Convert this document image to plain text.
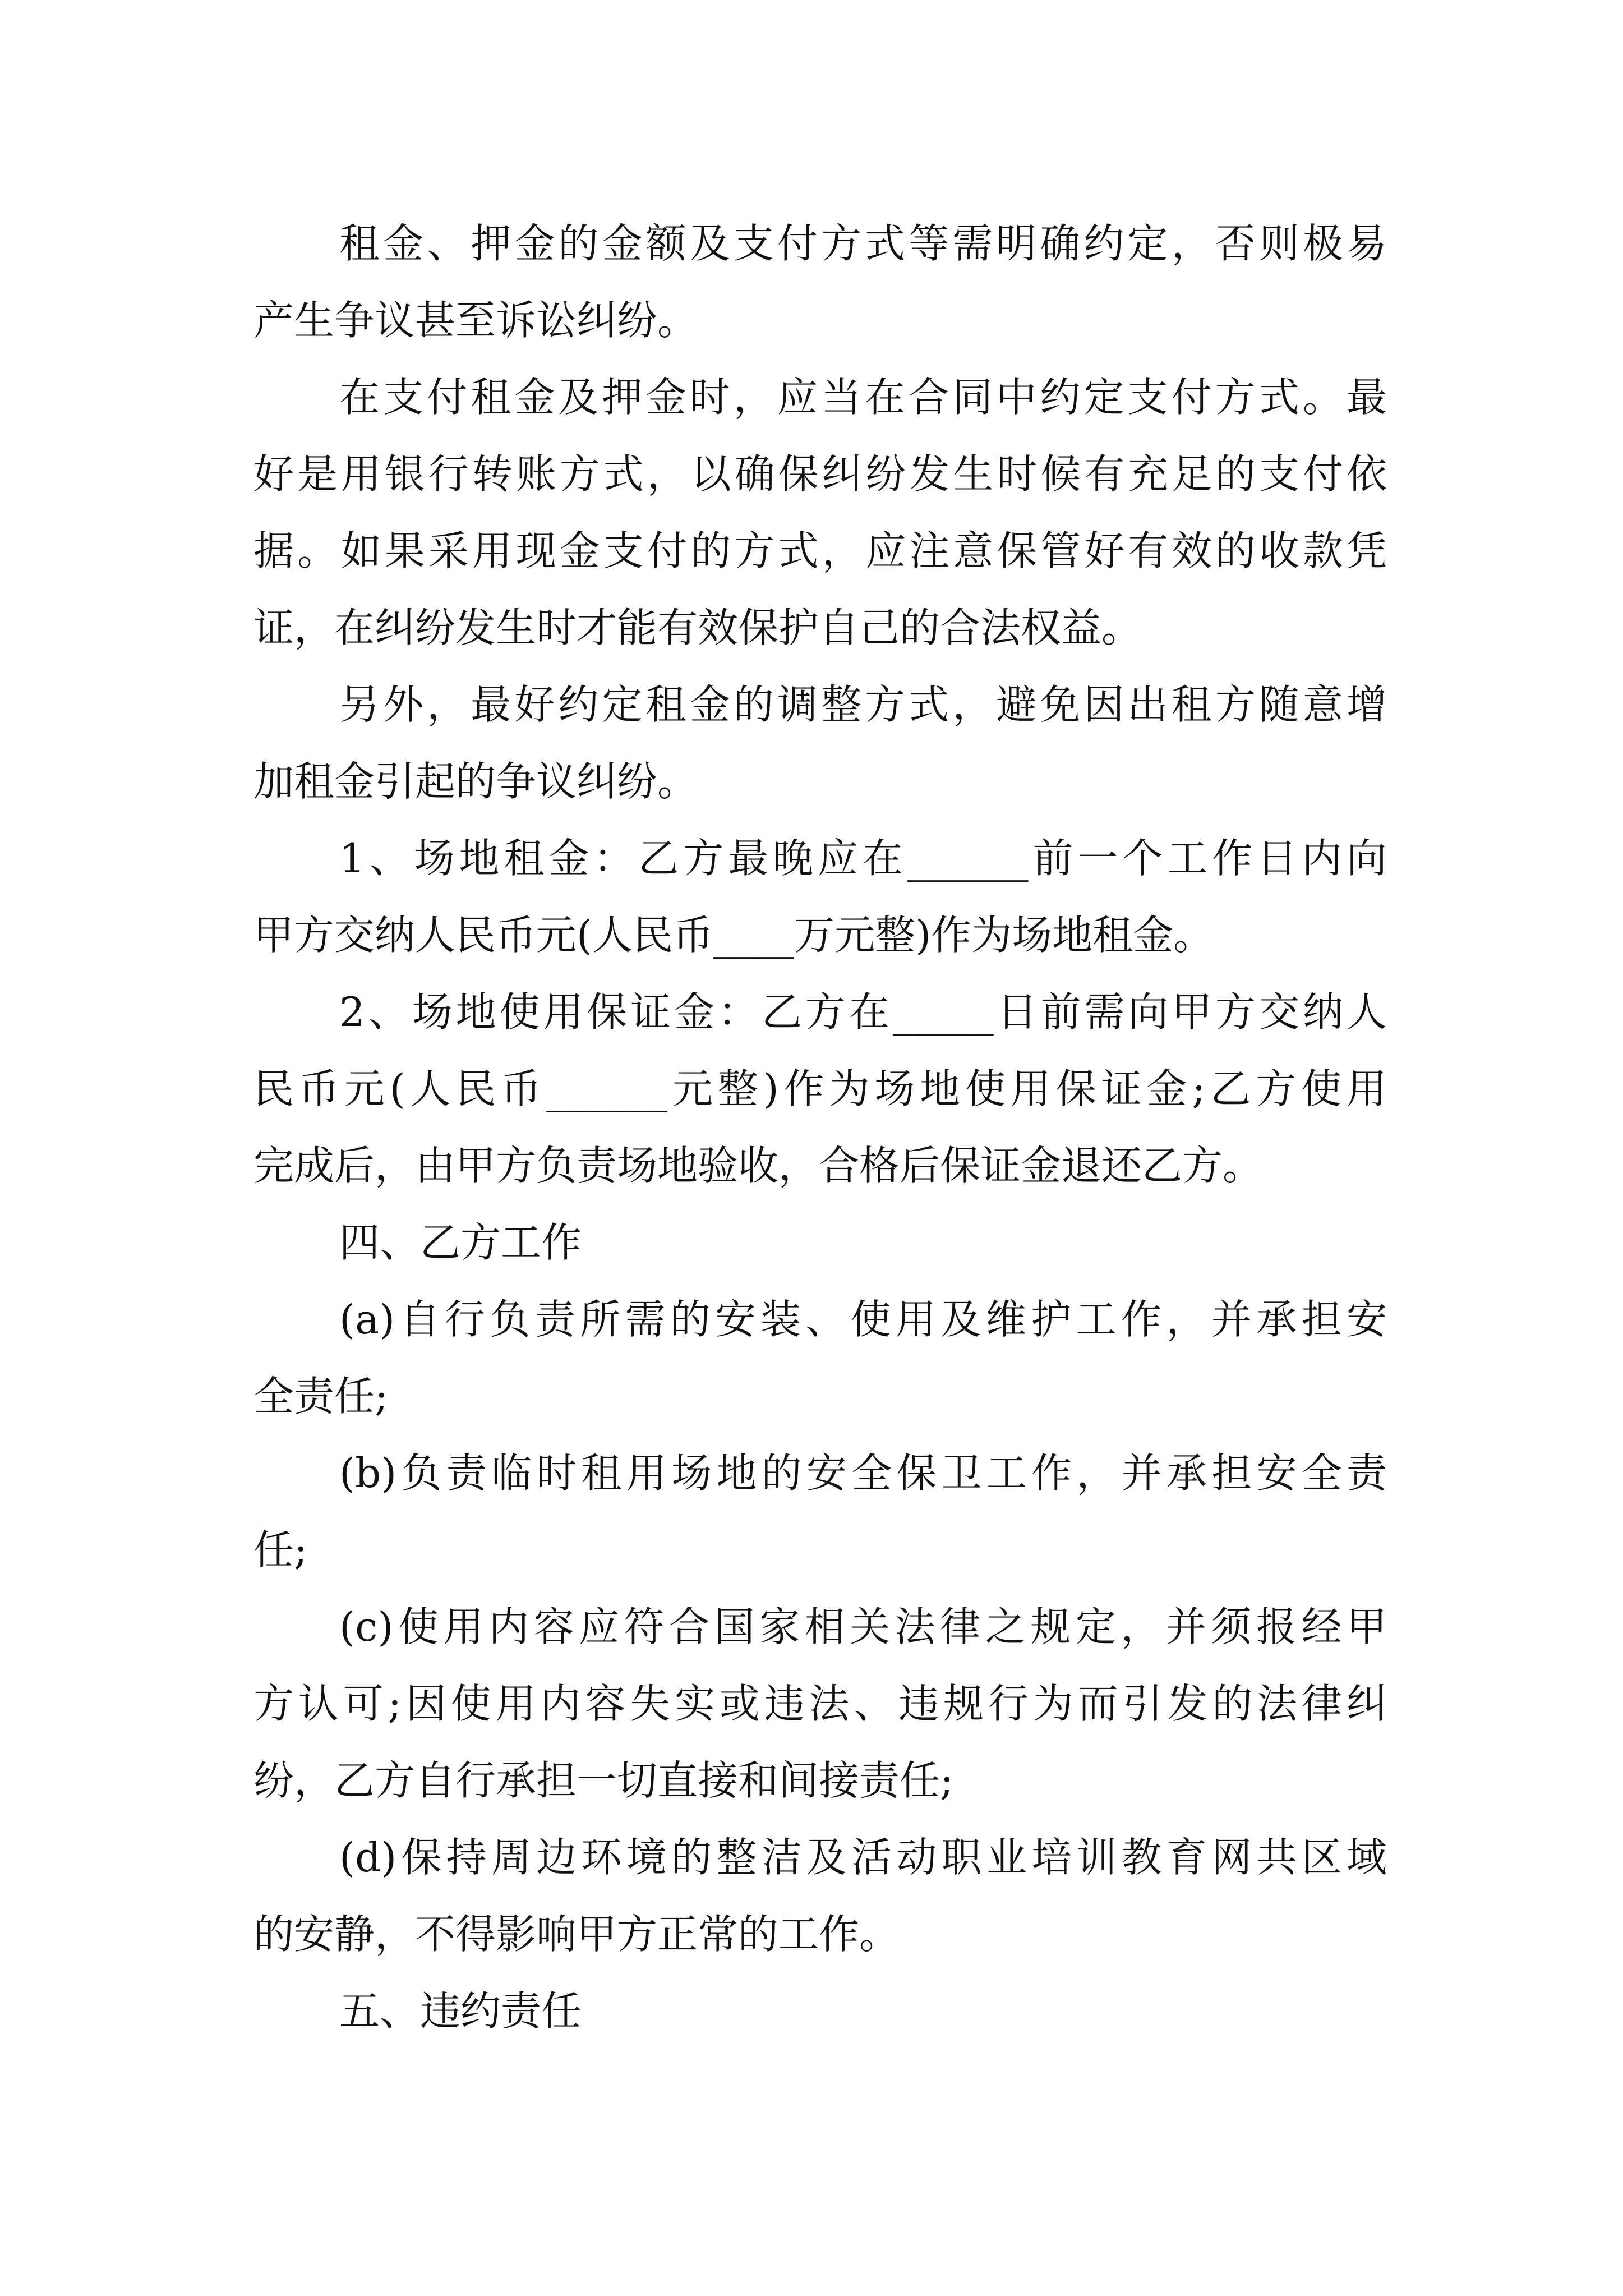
租金、押金的金额及支付方式等需明确约定，否则极易
产生争议甚至诉讼纠纷。
在支付租金及押金时，应当在合同中约定支付方式。最
好是用银行转账方式，以确保纠纷发生时候有充足的支付依
据。如果采用现金支付的方式，应注意保管好有效的收款凭
证，在纠纷发生时才能有效保护自己的合法权益。
另外，最好约定租金的调整方式，避免因出租方随意增
加租金引起的争议纠纷。
1、场地租金：乙方最晚应在______前一个工作日内向
甲方交纳人民币元(人民币____万元整)作为场地租金。
2、场地使用保证金：乙方在_____日前需向甲方交纳人
民币元(人民币______元整)作为场地使用保证金;乙方使用
完成后，由甲方负责场地验收，合格后保证金退还乙方。
四、乙方工作
(a)自行负责所需的安装、使用及维护工作，并承担安
全责任;
(b)负责临时租用场地的安全保卫工作，并承担安全责
任;
(c)使用内容应符合国家相关法律之规定，并须报经甲
方认可;因使用内容失实或违法、违规行为而引发的法律纠
纷，乙方自行承担一切直接和间接责任;
(d)保持周边环境的整洁及活动职业培训教育网共区域
的安静，不得影响甲方正常的工作。
五、违约责任
